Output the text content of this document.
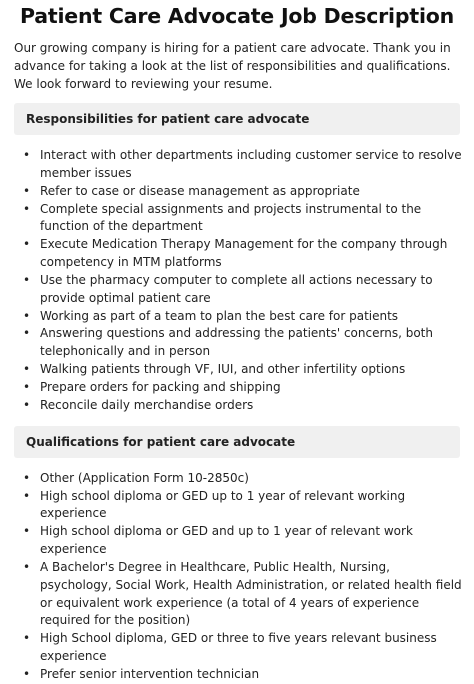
Patient Care Advocate Job Description

Our growing company is hiring for a patient care advocate. Thank you in advance for taking a look at the list of responsibilities and qualifications. We look forward to reviewing your resume.

Responsibilities for patient care advocate
• Interact with other departments including customer service to resolve member issues
• Refer to case or disease management as appropriate
• Complete special assignments and projects instrumental to the function of the department
• Execute Medication Therapy Management for the company through competency in MTM platforms
• Use the pharmacy computer to complete all actions necessary to provide optimal patient care
• Working as part of a team to plan the best care for patients
• Answering questions and addressing the patients' concerns, both telephonically and in person
• Walking patients through VF, IUI, and other infertility options
• Prepare orders for packing and shipping
• Reconcile daily merchandise orders
Qualifications for patient care advocate
• Other (Application Form 10-2850c)
• High school diploma or GED up to 1 year of relevant working experience
• High school diploma or GED and up to 1 year of relevant work experience
• A Bachelor's Degree in Healthcare, Public Health, Nursing, psychology, Social Work, Health Administration, or related health field or equivalent work experience (a total of 4 years of experience required for the position)
• High School diploma, GED or three to five years relevant business experience
• Prefer senior intervention technician
